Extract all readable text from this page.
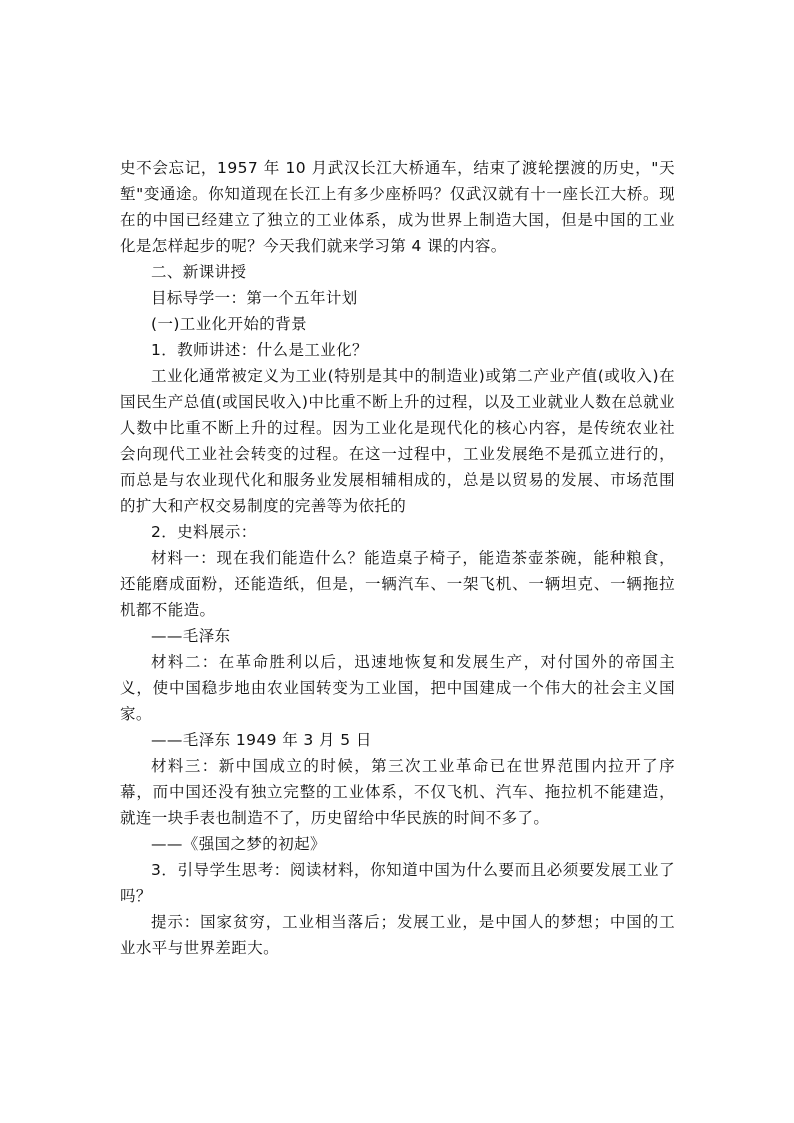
史不会忘记，1957 年 10 月武汉长江大桥通车，结束了渡轮摆渡的历史，"天堑"变通途。你知道现在长江上有多少座桥吗？仅武汉就有十一座长江大桥。现在的中国已经建立了独立的工业体系，成为世界上制造大国，但是中国的工业化是怎样起步的呢？今天我们就来学习第 4 课的内容。

二、新课讲授

目标导学一：第一个五年计划

(一)工业化开始的背景

1．教师讲述：什么是工业化？

工业化通常被定义为工业(特别是其中的制造业)或第二产业产值(或收入)在国民生产总值(或国民收入)中比重不断上升的过程，以及工业就业人数在总就业人数中比重不断上升的过程。因为工业化是现代化的核心内容，是传统农业社会向现代工业社会转变的过程。在这一过程中，工业发展绝不是孤立进行的，而总是与农业现代化和服务业发展相辅相成的，总是以贸易的发展、市场范围的扩大和产权交易制度的完善等为依托的

2．史料展示：

材料一：现在我们能造什么？能造桌子椅子，能造茶壶茶碗，能种粮食，还能磨成面粉，还能造纸，但是，一辆汽车、一架飞机、一辆坦克、一辆拖拉机都不能造。

——毛泽东

材料二：在革命胜利以后，迅速地恢复和发展生产，对付国外的帝国主义，使中国稳步地由农业国转变为工业国，把中国建成一个伟大的社会主义国家。

——毛泽东 1949 年 3 月 5 日

材料三：新中国成立的时候，第三次工业革命已在世界范围内拉开了序幕，而中国还没有独立完整的工业体系，不仅飞机、汽车、拖拉机不能建造，就连一块手表也制造不了，历史留给中华民族的时间不多了。

——《强国之梦的初起》

3．引导学生思考：阅读材料，你知道中国为什么要而且必须要发展工业了吗？

提示：国家贫穷，工业相当落后；发展工业，是中国人的梦想；中国的工业水平与世界差距大。
